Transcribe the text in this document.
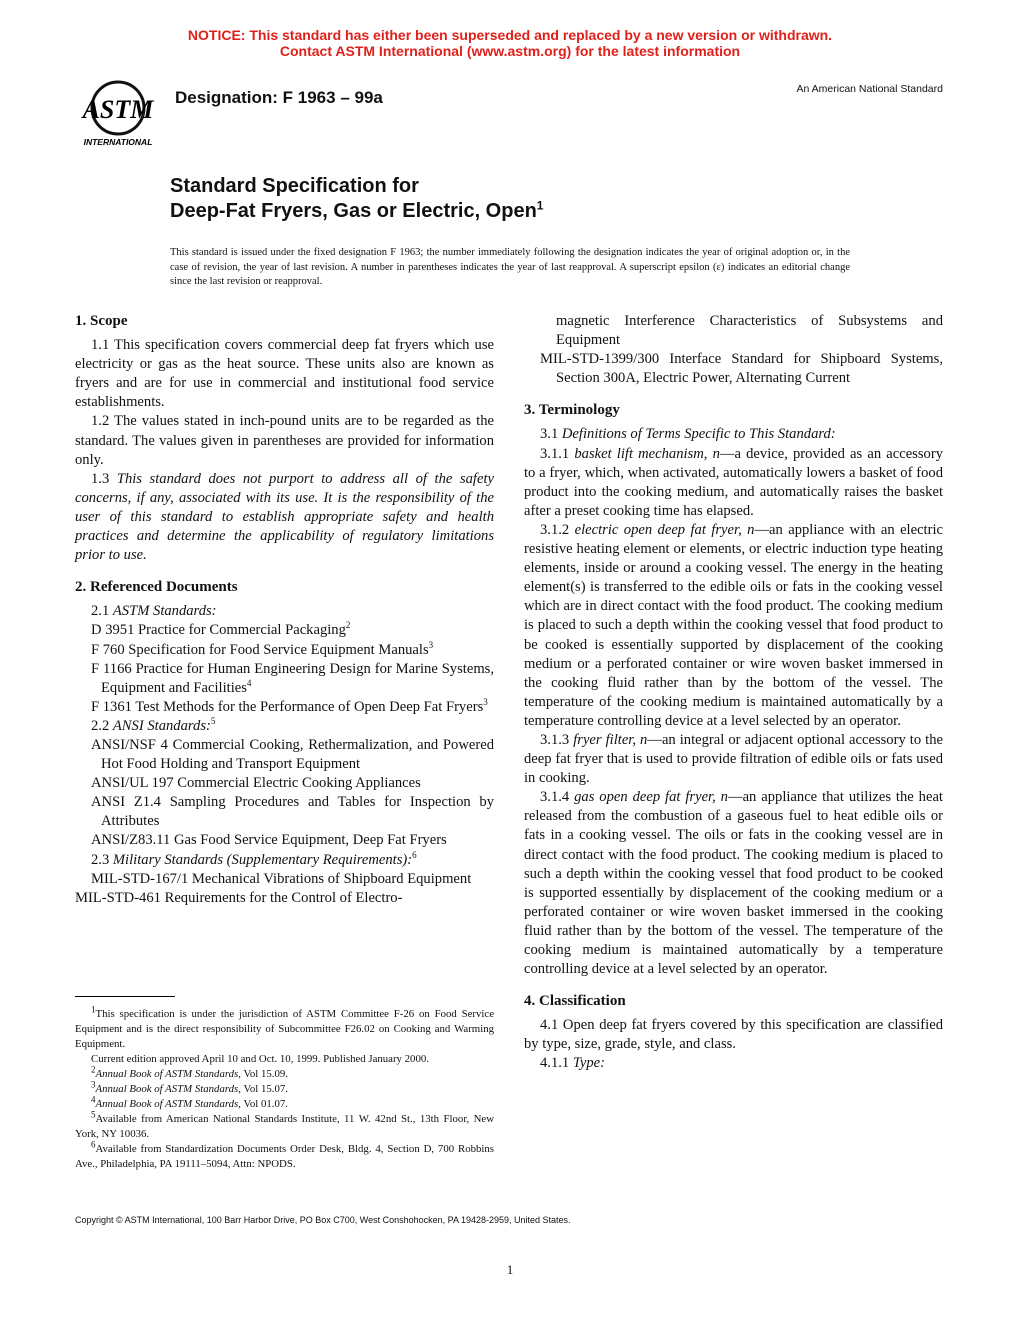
NOTICE: This standard has either been superseded and replaced by a new version or withdrawn.
Contact ASTM International (www.astm.org) for the latest information
ASTM
INTERNATIONAL
Designation: F 1963 – 99a	An American National Standard
Standard Specification for
Deep-Fat Fryers, Gas or Electric, Open$^1$
This standard is issued under the fixed designation F 1963; the number immediately following the designation indicates the year of original adoption or, in the case of revision, the year of last revision. A number in parentheses indicates the year of last reapproval. A superscript epsilon (ε) indicates an editorial change since the last revision or reapproval.
1. Scope

1.1 This specification covers commercial deep fat fryers which use electricity or gas as the heat source. These units also are known as fryers and are for use in commercial and institutional food service establishments.

1.2 The values stated in inch-pound units are to be regarded as the standard. The values given in parentheses are provided for information only.

1.3 This standard does not purport to address all of the safety concerns, if any, associated with its use. It is the responsibility of the user of this standard to establish appropriate safety and health practices and determine the applicability of regulatory limitations prior to use.

2. Referenced Documents

2.1 ASTM Standards:

D 3951 Practice for Commercial Packaging$^2$
F 760 Specification for Food Service Equipment Manuals$^3$
F 1166 Practice for Human Engineering Design for Marine Systems, Equipment and Facilities$^4$
F 1361 Test Methods for the Performance of Open Deep Fat Fryers$^3$

2.2 ANSI Standards:$^5$

ANSI/NSF 4 Commercial Cooking, Rethermalization, and Powered Hot Food Holding and Transport Equipment
ANSI/UL 197 Commercial Electric Cooking Appliances
ANSI Z1.4 Sampling Procedures and Tables for Inspection by Attributes
ANSI/Z83.11 Gas Food Service Equipment, Deep Fat Fryers

2.3 Military Standards (Supplementary Requirements):$^6$

MIL-STD-167/1 Mechanical Vibrations of Shipboard Equipment
MIL-STD-461 Requirements for the Control of Electro-
magnetic Interference Characteristics of Subsystems and Equipment
MIL-STD-1399/300 Interface Standard for Shipboard Systems, Section 300A, Electric Power, Alternating Current
3. Terminology

3.1 Definitions of Terms Specific to This Standard:

3.1.1 basket lift mechanism, n—a device, provided as an accessory to a fryer, which, when activated, automatically lowers a basket of food product into the cooking medium, and automatically raises the basket after a preset cooking time has elapsed.

3.1.2 electric open deep fat fryer, n—an appliance with an electric resistive heating element or elements, or electric induction type heating elements, inside or around a cooking vessel. The energy in the heating element(s) is transferred to the edible oils or fats in the cooking vessel which are in direct contact with the food product. The cooking medium is placed to such a depth within the cooking vessel that food product to be cooked is essentially supported by displacement of the cooking medium or a perforated container or wire woven basket immersed in the cooking fluid rather than by the bottom of the vessel. The temperature of the cooking medium is maintained automatically by a temperature controlling device at a level selected by an operator.

3.1.3 fryer filter, n—an integral or adjacent optional accessory to the deep fat fryer that is used to provide filtration of edible oils or fats used in cooking.

3.1.4 gas open deep fat fryer, n—an appliance that utilizes the heat released from the combustion of a gaseous fuel to heat edible oils or fats in a cooking vessel. The oils or fats in the cooking vessel are in direct contact with the food product. The cooking medium is placed to such a depth within the cooking vessel that food product to be cooked is supported essentially by displacement of the cooking medium or a perforated container or wire woven basket immersed in the cooking fluid rather than by the bottom of the vessel. The temperature of the cooking medium is maintained automatically by a temperature controlling device at a level selected by an operator.

4. Classification

4.1 Open deep fat fryers covered by this specification are classified by type, size, grade, style, and class.

4.1.1 Type:

$^1$This specification is under the jurisdiction of ASTM Committee F-26 on Food Service Equipment and is the direct responsibility of Subcommittee F26.02 on Cooking and Warming Equipment.

Current edition approved April 10 and Oct. 10, 1999. Published January 2000.

$^2$Annual Book of ASTM Standards, Vol 15.09.

$^3$Annual Book of ASTM Standards, Vol 15.07.

$^4$Annual Book of ASTM Standards, Vol 01.07.

$^5$Available from American National Standards Institute, 11 W. 42nd St., 13th Floor, New York, NY 10036.

$^6$Available from Standardization Documents Order Desk, Bldg. 4, Section D, 700 Robbins Ave., Philadelphia, PA 19111–5094, Attn: NPODS.

Copyright © ASTM International, 100 Barr Harbor Drive, PO Box C700, West Conshohocken, PA 19428-2959, United States.
1
